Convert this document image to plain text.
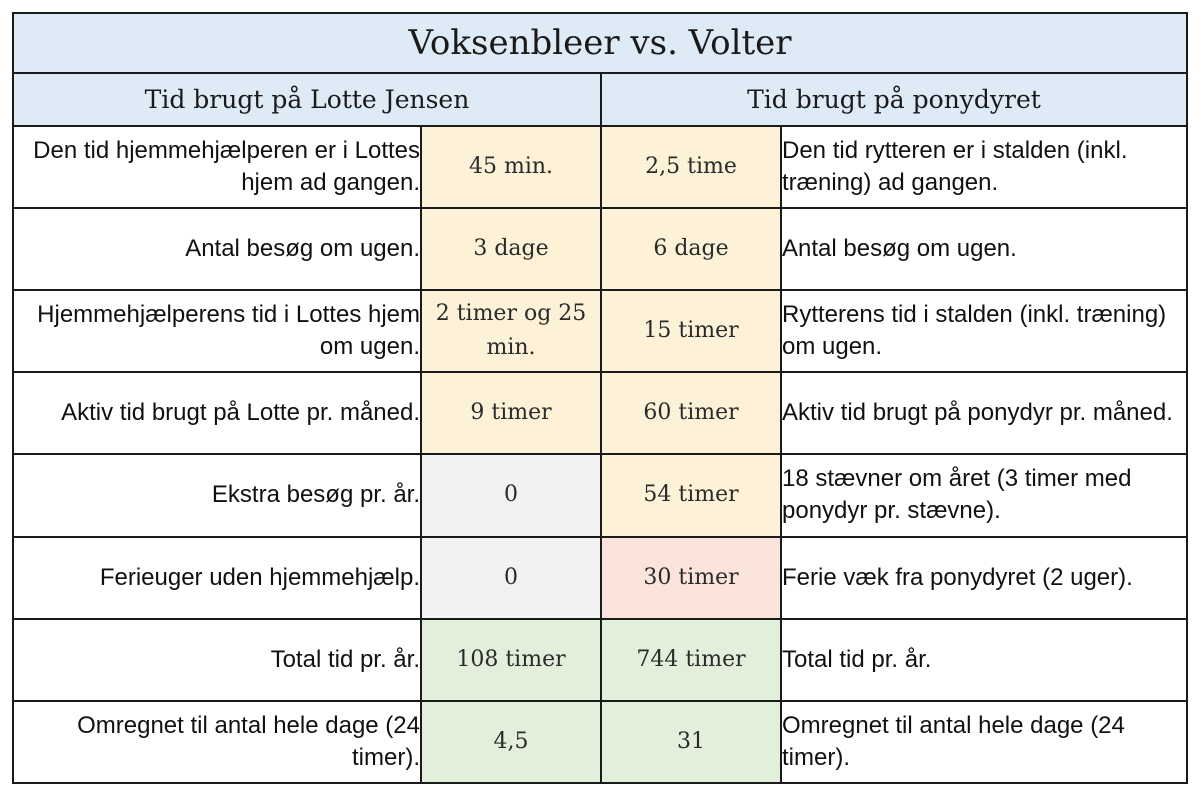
Voksenbleer vs. Volter			
Tid brugt på Lotte Jensen		Tid brugt på ponydyret	
Den tid hjemmehjælperen er i Lottes hjem ad gangen.	45 min.	2,5 time	Den tid rytteren er i stalden (inkl. træning) ad gangen.
Antal besøg om ugen.	3 dage	6 dage	Antal besøg om ugen.
Hjemmehjælperens tid i Lottes hjem om ugen.	2 timer og 25 min.	15 timer	Rytterens tid i stalden (inkl. træning) om ugen.
Aktiv tid brugt på Lotte pr. måned.	9 timer	60 timer	Aktiv tid brugt på ponydyr pr. måned.
Ekstra besøg pr. år.	0	54 timer	18 stævner om året (3 timer med ponydyr pr. stævne).
Ferieuger uden hjemmehjælp.	0	30 timer	Ferie væk fra ponydyret (2 uger).
Total tid pr. år.	108 timer	744 timer	Total tid pr. år.
Omregnet til antal hele dage (24 timer).	4,5	31	Omregnet til antal hele dage (24 timer).
